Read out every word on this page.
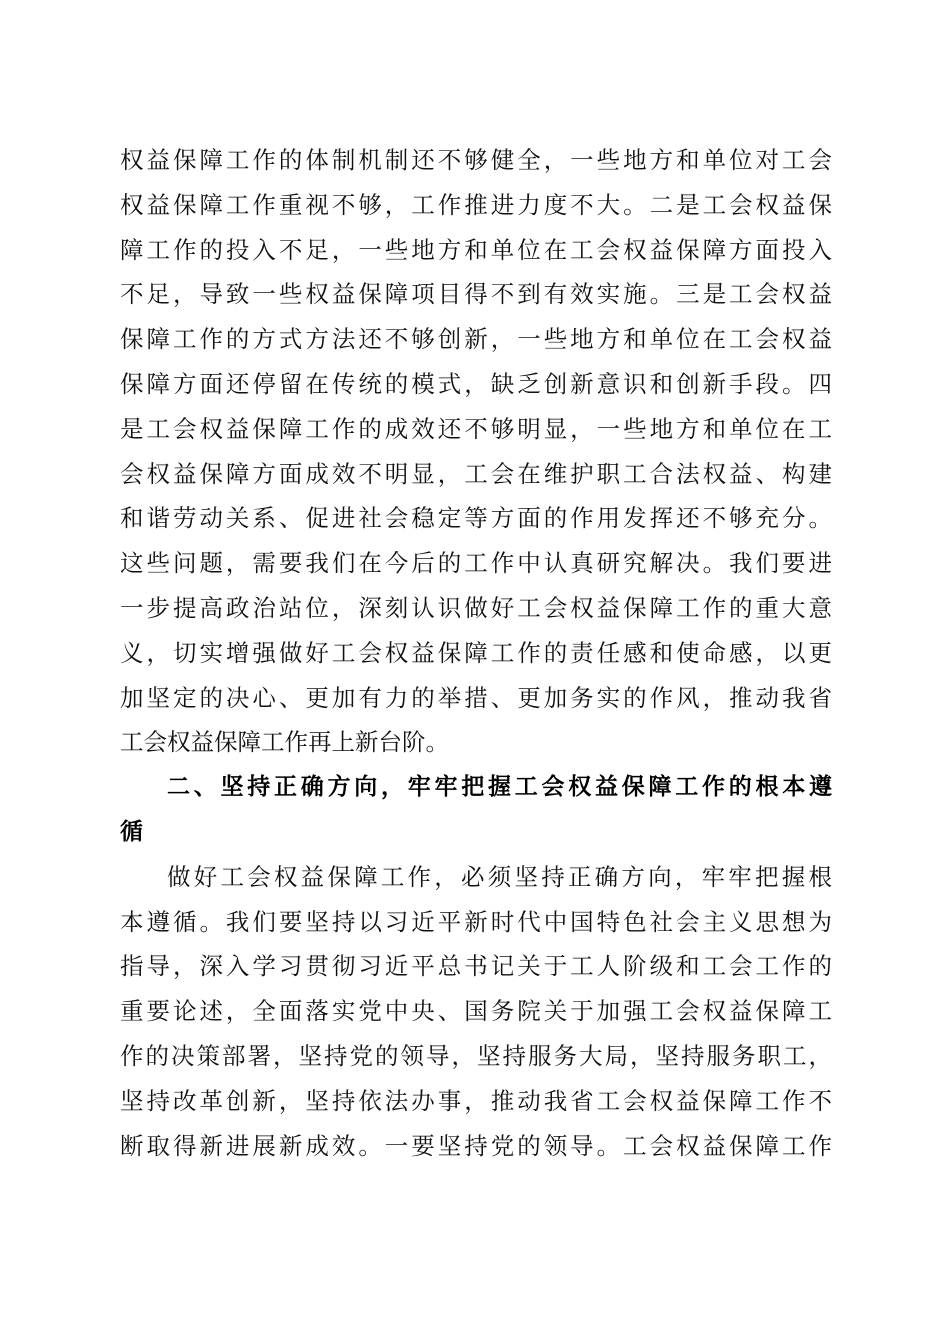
权益保障工作的体制机制还不够健全，一些地方和单位对工会
权益保障工作重视不够，工作推进力度不大。二是工会权益保
障工作的投入不足，一些地方和单位在工会权益保障方面投入
不足，导致一些权益保障项目得不到有效实施。三是工会权益
保障工作的方式方法还不够创新，一些地方和单位在工会权益
保障方面还停留在传统的模式，缺乏创新意识和创新手段。四
是工会权益保障工作的成效还不够明显，一些地方和单位在工
会权益保障方面成效不明显，工会在维护职工合法权益、构建
和谐劳动关系、促进社会稳定等方面的作用发挥还不够充分。
这些问题，需要我们在今后的工作中认真研究解决。我们要进
一步提高政治站位，深刻认识做好工会权益保障工作的重大意
义，切实增强做好工会权益保障工作的责任感和使命感，以更
加坚定的决心、更加有力的举措、更加务实的作风，推动我省
工会权益保障工作再上新台阶。
二、坚持正确方向，牢牢把握工会权益保障工作的根本遵
循
做好工会权益保障工作，必须坚持正确方向，牢牢把握根
本遵循。我们要坚持以习近平新时代中国特色社会主义思想为
指导，深入学习贯彻习近平总书记关于工人阶级和工会工作的
重要论述，全面落实党中央、国务院关于加强工会权益保障工
作的决策部署，坚持党的领导，坚持服务大局，坚持服务职工，
坚持改革创新，坚持依法办事，推动我省工会权益保障工作不
断取得新进展新成效。一要坚持党的领导。工会权益保障工作
